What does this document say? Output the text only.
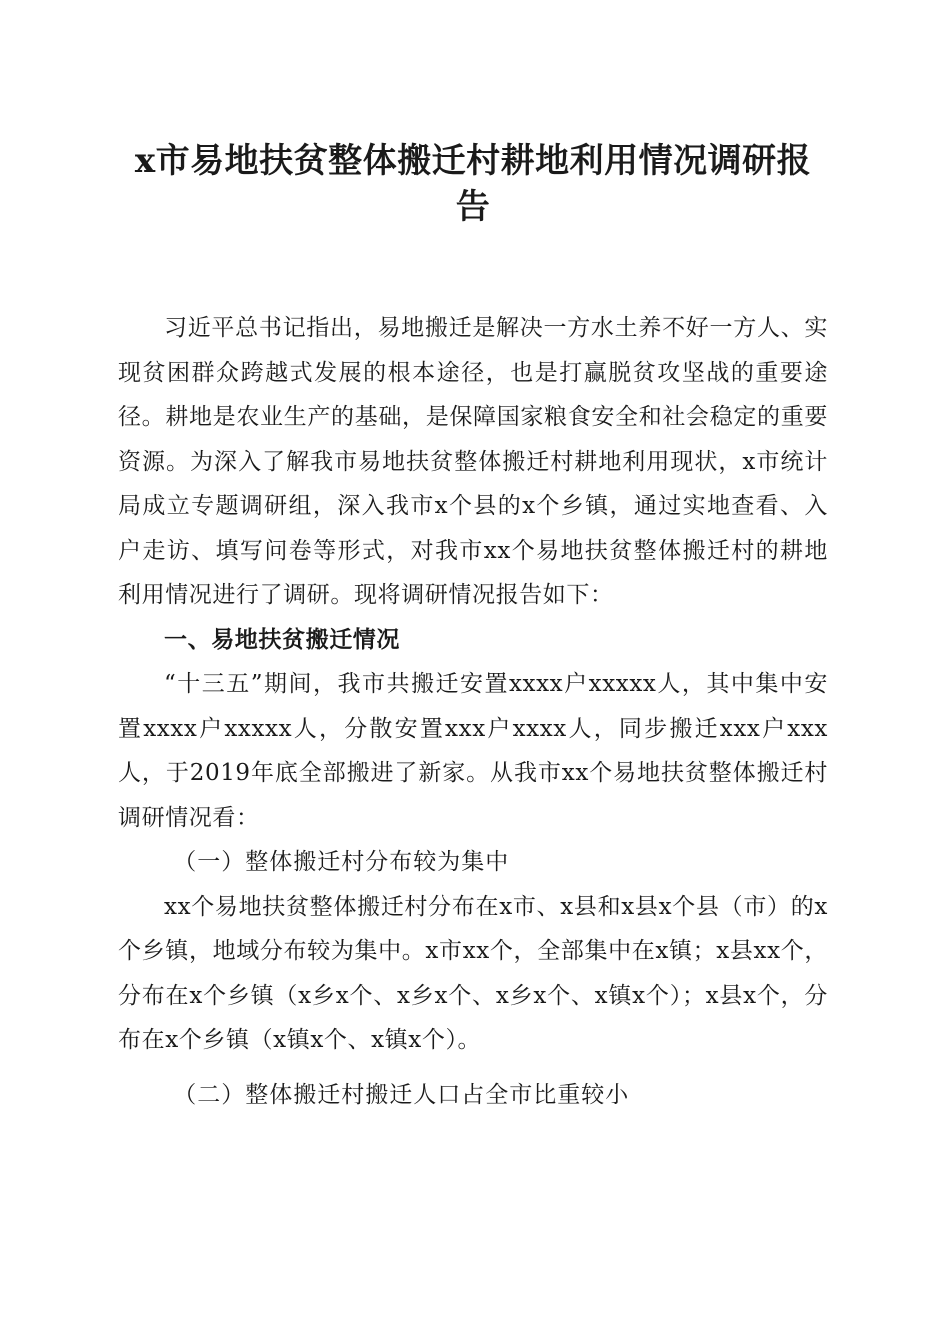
x市易地扶贫整体搬迁村耕地利用情况调研报告

习近平总书记指出，易地搬迁是解决一方水土养不好一方人、实现贫困群众跨越式发展的根本途径，也是打赢脱贫攻坚战的重要途径。耕地是农业生产的基础，是保障国家粮食安全和社会稳定的重要资源。为深入了解我市易地扶贫整体搬迁村耕地利用现状，x市统计局成立专题调研组，深入我市x个县的x个乡镇，通过实地查看、入户走访、填写问卷等形式，对我市xx个易地扶贫整体搬迁村的耕地利用情况进行了调研。现将调研情况报告如下：

一、易地扶贫搬迁情况

“十三五”期间，我市共搬迁安置xxxx户xxxxx人，其中集中安置xxxx户xxxxx人，分散安置xxx户xxxx人，同步搬迁xxx户xxx人，于2019年底全部搬进了新家。从我市xx个易地扶贫整体搬迁村调研情况看：

（一）整体搬迁村分布较为集中

xx个易地扶贫整体搬迁村分布在x市、x县和x县x个县（市）的x个乡镇，地域分布较为集中。x市xx个，全部集中在x镇；x县xx个，分布在x个乡镇（x乡x个、x乡x个、x乡x个、x镇x个）；x县x个，分布在x个乡镇（x镇x个、x镇x个）。

（二）整体搬迁村搬迁人口占全市比重较小
